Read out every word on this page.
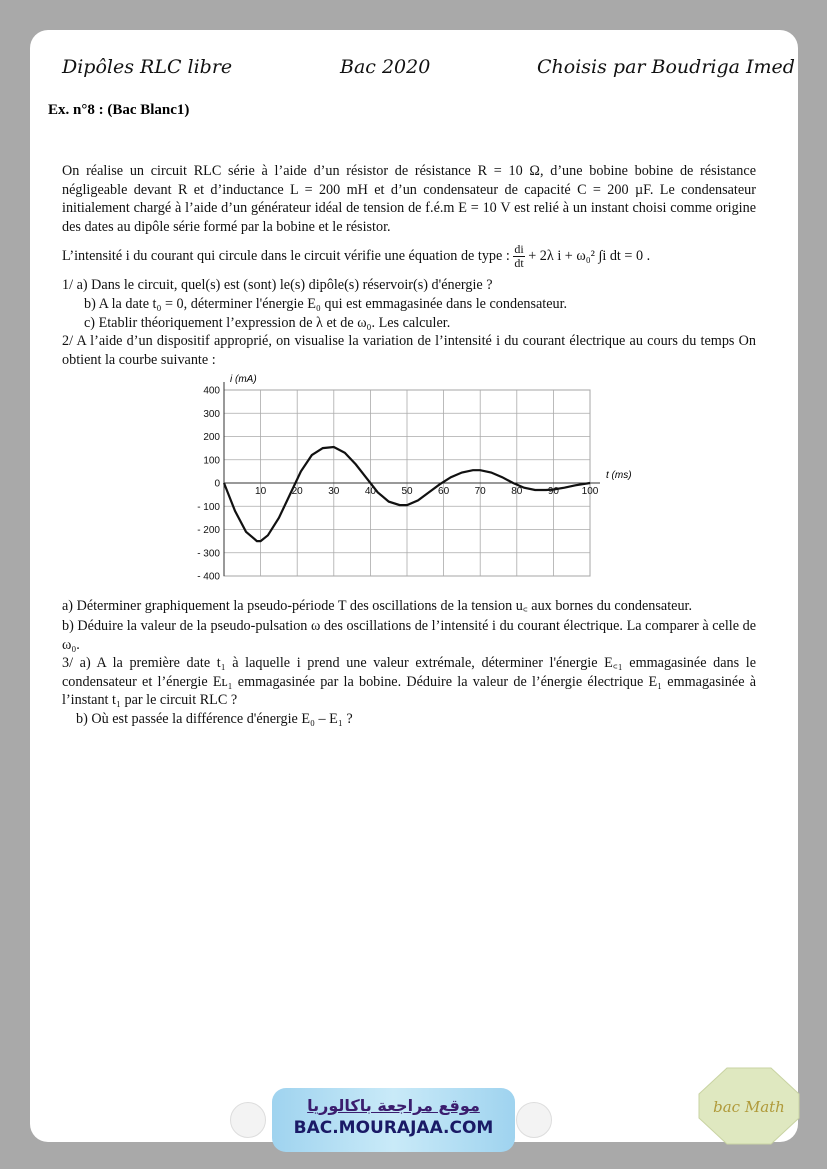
Dipôles RLC libre	Bac 2020	Choisis par Boudriga Imed
Ex. n°8 : (Bac Blanc1)
On réalise un circuit RLC série à l’aide d’un résistor de résistance R = 10 Ω, d’une bobine bobine de résistance négligeable devant R et d’inductance L = 200 mH et d’un condensateur de capacité C = 200 µF. Le condensateur initialement chargé à l’aide d’un générateur idéal de tension de f.é.m E = 10 V est relié à un instant choisi comme origine des dates au dipôle série formé par la bobine et le résistor.
L’intensité i du courant qui circule dans le circuit vérifie une équation de type : $\frac{di}{dt} + 2\lambda$ i + ω₀² ∫i dt = 0 .
1/ a) Dans le circuit, quel(s) est (sont) le(s) dipôle(s) réservoir(s) d'énergie ?
b) A la date t₀ = 0, déterminer l'énergie E₀ qui est emmagasinée dans le condensateur.
c) Etablir théoriquement l’expression de λ et de ω₀. Les calculer.
2/ A l’aide d’un dispositif approprié, on visualise la variation de l’intensité i du courant électrique au cours du temps On obtient la courbe suivante :
400
300
200
100
0
- 100
- 200
- 300
- 400
10	20	30	40	50	60	70	80	90 100
i (mA)
t (ms)
a) Déterminer graphiquement la pseudo-période T des oscillations de la tension u꜀ aux bornes du condensateur.
b) Déduire la valeur de la pseudo-pulsation ω des oscillations de l’intensité i du courant électrique. La comparer à celle de ω₀.
3/ a) A la première date t₁ à laquelle i prend une valeur extrémale, déterminer l'énergie E꜀₁ emmagasinée dans le condensateur et l’énergie Eʟ₁ emmagasinée par la bobine. Déduire la valeur de l’énergie électrique E₁ emmagasinée à l’instant t₁ par le circuit RLC ?
b) Où est passée la différence d'énergie E₀ – E₁ ?
موقع مراجعة باكالوريا
BAC.MOURAJAA.COM
bac Math
